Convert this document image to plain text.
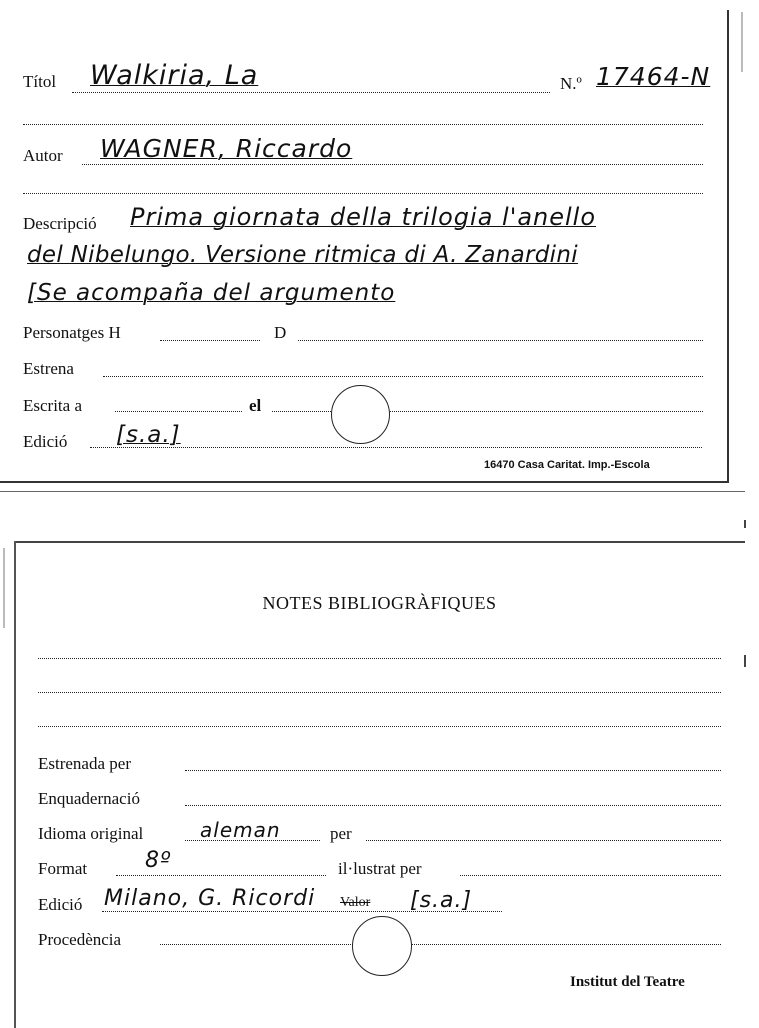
Títol Walkiria, La	N.º 17464-N
Autor WAGNER, Riccardo
Descripció Prima giornata della trilogia l'anello
del Nibelungo. Versione ritmica di A. Zanardini
[Se acompaña del argumento
Personatges H	D
Estrena
Escrita a	el
Edició [s.a.]
16470 Casa Caritat. Imp.-Escola
NOTES BIBLIOGRÀFIQUES
Estrenada per
Enquadernació
Idioma original	aleman	per
Format	8º	il·lustrat per
Edició Milano, G. Ricordi Valor [s.a.]
Procedència
Institut del Teatre
